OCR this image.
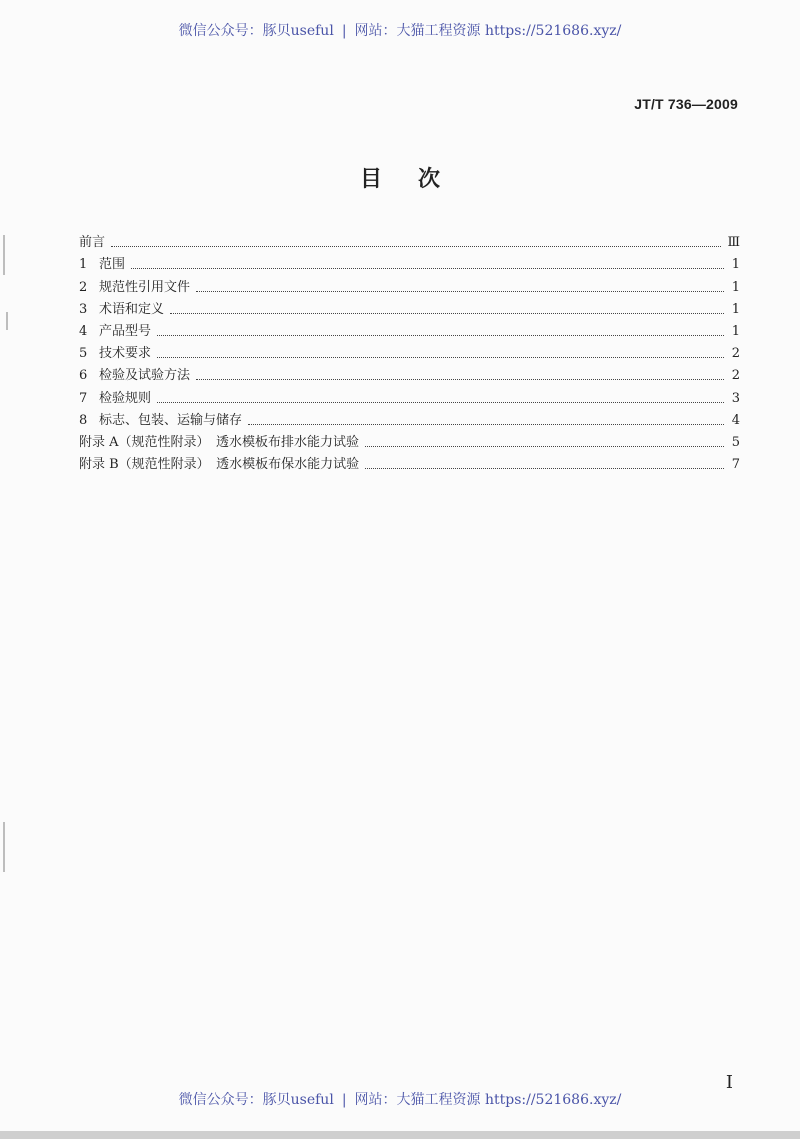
微信公众号：豚贝useful | 网站：大猫工程资源 https://521686.xyz/
JT/T 736—2009
目次
前言	Ⅲ
1 范围	1
2 规范性引用文件	1
3 术语和定义	1
4 产品型号	1
5 技术要求	2
6 检验及试验方法	2
7 检验规则	3
8 标志、包装、运输与储存	4
附录 A（规范性附录）　透水模板布排水能力试验	5
附录 B（规范性附录）　透水模板布保水能力试验	7
I
微信公众号：豚贝useful | 网站：大猫工程资源 https://521686.xyz/
